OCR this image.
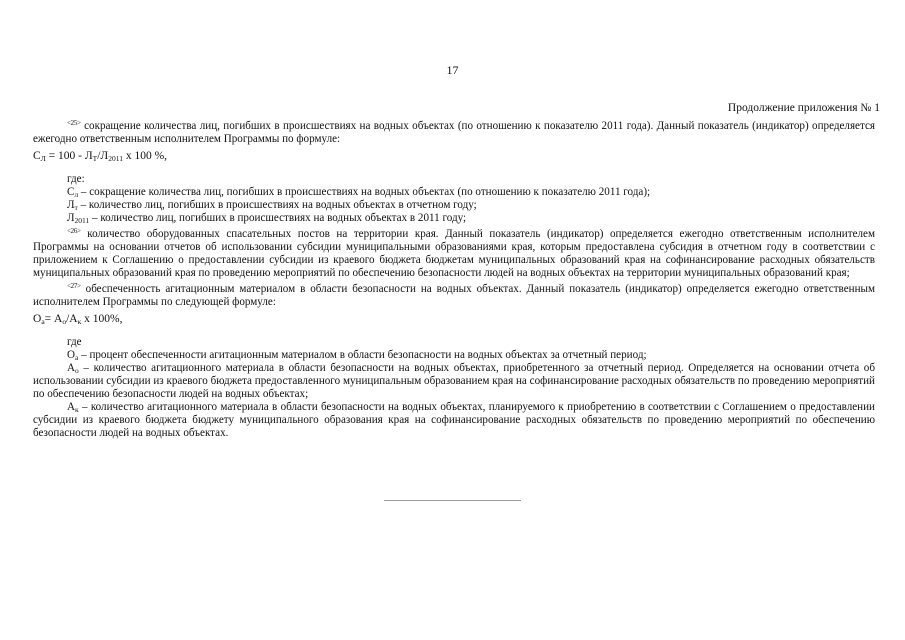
17
Продолжение приложения № 1

$^{<25>}$ сокращение количества лиц, погибших в происшествиях на водных объектах (по отношению к показателю 2011 года). Данный показатель (индикатор) определяется ежегодно ответственным исполнителем Программы по формуле:

$С_Л = 100 - Л_Т/Л_{2011}$ х 100 %,

где:

$С_л$ – сокращение количества лиц, погибших в происшествиях на водных объектах (по отношению к показателю 2011 года);

$Л_т$ – количество лиц, погибших в происшествиях на водных объектах в отчетном году;

$Л_{2011}$ – количество лиц, погибших в происшествиях на водных объектах в 2011 году;

$^{<26>}$ количество оборудованных спасательных постов на территории края. Данный показатель (индикатор) определяется ежегодно ответственным исполнителем Программы на основании отчетов об использовании субсидии муниципальными образованиями края, которым предоставлена субсидия в отчетном году в соответствии с приложением к Соглашению о предоставлении субсидии из краевого бюджета бюджетам муниципальных образований края на софинансирование расходных обязательств муниципальных образований края по проведению мероприятий по обеспечению безопасности людей на водных объектах на территории муниципальных образований края;

$^{<27>}$ обеспеченность агитационным материалом в области безопасности на водных объектах. Данный показатель (индикатор) определяется ежегодно ответственным исполнителем Программы по следующей формуле:

$О_а= А_о/А_к$ х 100%,

где

$О_а$ – процент обеспеченности агитационным материалом в области безопасности на водных объектах за отчетный период;

$А_о$ – количество агитационного материала в области безопасности на водных объектах, приобретенного за отчетный период. Определяется на основании отчета об использовании субсидии из краевого бюджета предоставленного муниципальным образованием края на софинансирование расходных обязательств по проведению мероприятий по обеспечению безопасности людей на водных объектах;

$А_к$ – количество агитационного материала в области безопасности на водных объектах, планируемого к приобретению в соответствии с Соглашением о предоставлении субсидии из краевого бюджета бюджету муниципального образования края на софинансирование расходных обязательств по проведению мероприятий по обеспечению безопасности людей на водных объектах.
